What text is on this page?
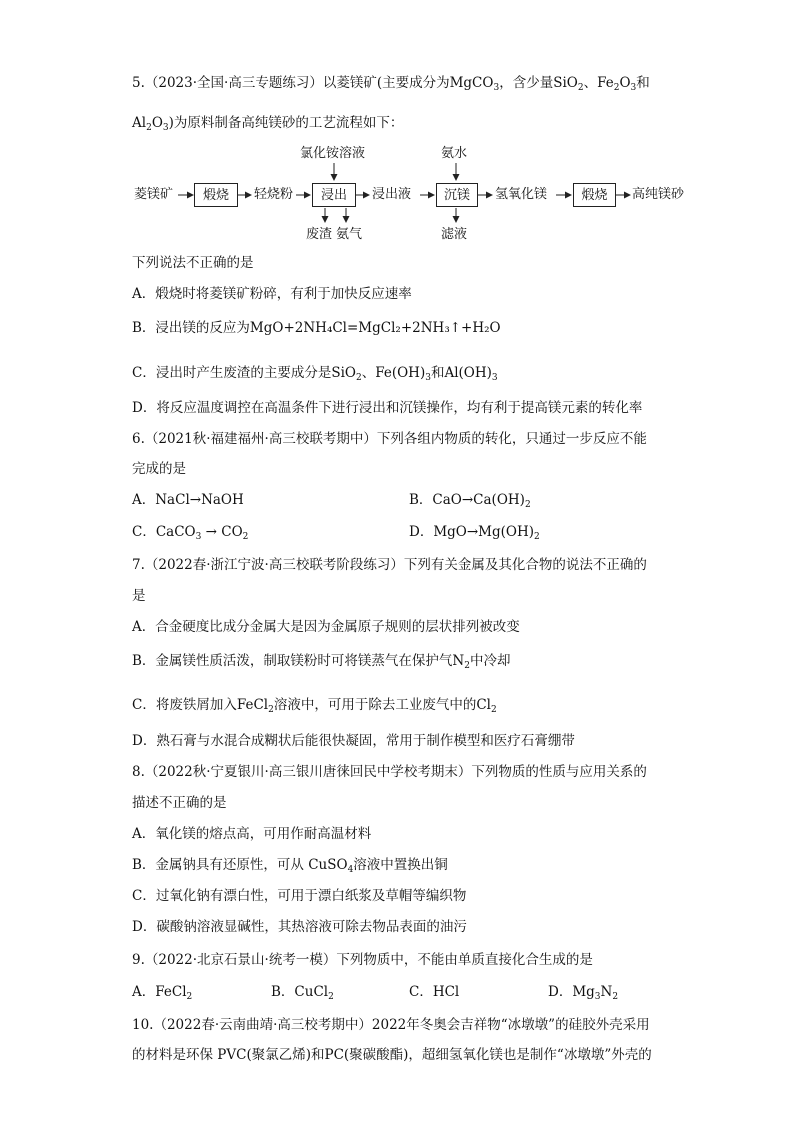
5.（2023·全国·高三专题练习）以菱镁矿(主要成分为MgCO$_3$，含少量SiO$_2$、$Fe_2O_3$和
$Al_2O_3$)为原料制备高纯镁砂的工艺流程如下：
菱镁矿	煅烧	轻烧粉
氯化铵溶液
浸出
废渣 氨气
浸出液
氨水
沉镁
滤液
氢氧化镁	煅烧	高纯镁砂
下列说法不正确的是
A．煅烧时将菱镁矿粉碎，有利于加快反应速率
B．浸出镁的反应为MgO+2NH₄Cl=MgCl₂+2NH₃↑+H₂O
C．浸出时产生废渣的主要成分是SiO$_2$、$Fe(OH)_3$和$Al(OH)_3$
D．将反应温度调控在高温条件下进行浸出和沉镁操作，均有利于提高镁元素的转化率
6.（2021秋·福建福州·高三校联考期中）下列各组内物质的转化，只通过一步反应不能
完成的是
A．NaCl→NaOH	B．$CaO\to Ca(OH)_2$
C．CaCO$_3$ → $CO_2$	D．$MgO\to Mg(OH)_2$
7.（2022春·浙江宁波·高三校联考阶段练习）下列有关金属及其化合物的说法不正确的
是
A．合金硬度比成分金属大是因为金属原子规则的层状排列被改变
B．金属镁性质活泼，制取镁粉时可将镁蒸气在保护气$N_2$中冷却
C．将废铁屑加入FeCl$_2$溶液中，可用于除去工业废气中的$Cl_2$
D．熟石膏与水混合成糊状后能很快凝固，常用于制作模型和医疗石膏绷带
8.（2022秋·宁夏银川·高三银川唐徕回民中学校考期末）下列物质的性质与应用关系的
描述不正确的是
A．氧化镁的熔点高，可用作耐高温材料
B．金属钠具有还原性，可从 CuSO$_4$溶液中置换出铜
C．过氧化钠有漂白性，可用于漂白纸浆及草帽等编织物
D．碳酸钠溶液显碱性，其热溶液可除去物品表面的油污
9.（2022·北京石景山·统考一模）下列物质中，不能由单质直接化合生成的是
A．FeCl$_2$	B．CuCl$_2$	C．HCl	D．$Mg_3N_2$
10.（2022春·云南曲靖·高三校考期中）2022年冬奥会吉祥物“冰墩墩”的硅胶外壳采用
的材料是环保 PVC(聚氯乙烯)和PC(聚碳酸酯)，超细氢氧化镁也是制作“冰墩墩”外壳的
